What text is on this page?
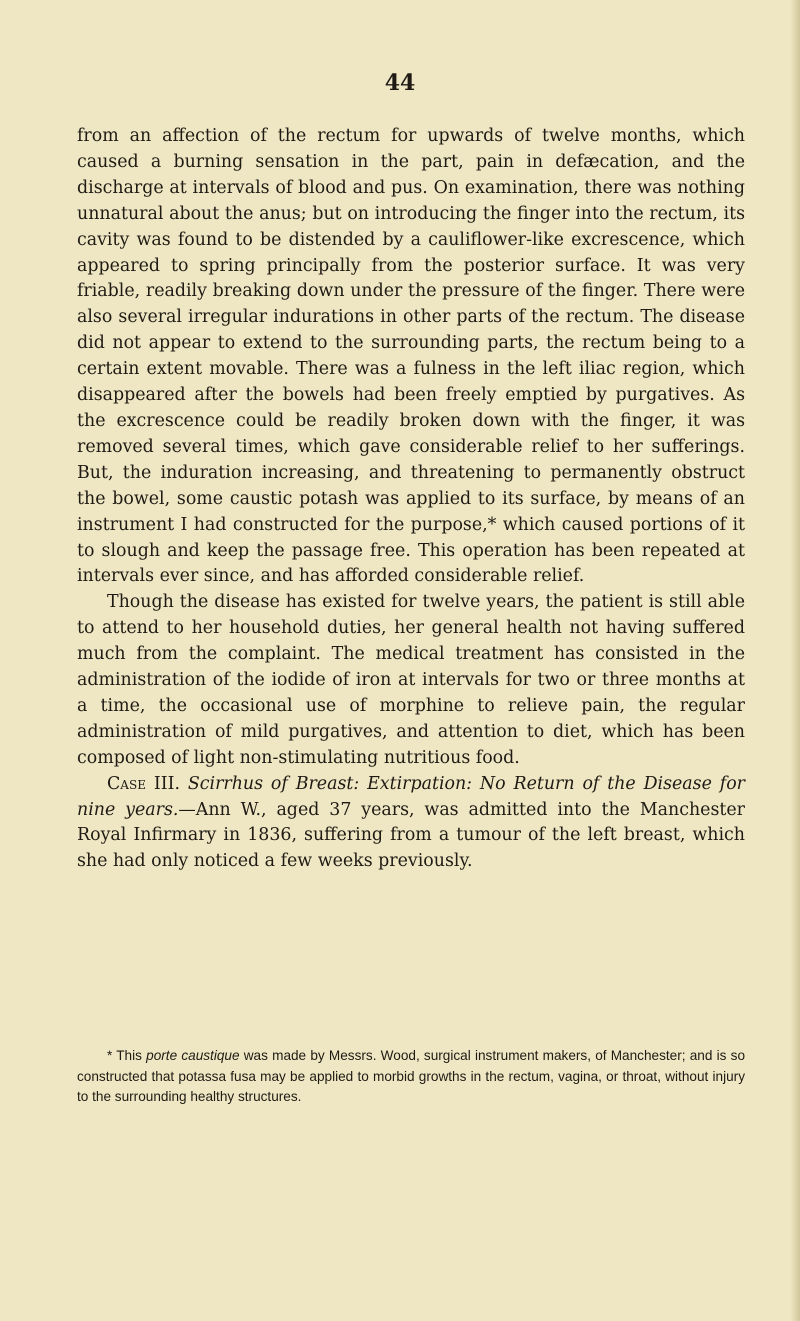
44

from an affection of the rectum for upwards of twelve months, which caused a burning sensation in the part, pain in defæcation, and the discharge at intervals of blood and pus. On examination, there was nothing unnatural about the anus; but on introducing the finger into the rectum, its cavity was found to be distended by a cauliflower-like excrescence, which appeared to spring principally from the posterior surface. It was very friable, readily breaking down under the pressure of the finger. There were also several irregular indurations in other parts of the rectum. The disease did not appear to extend to the surrounding parts, the rectum being to a certain extent movable. There was a fulness in the left iliac region, which disappeared after the bowels had been freely emptied by purgatives. As the excrescence could be readily broken down with the finger, it was removed several times, which gave considerable relief to her sufferings. But, the induration increasing, and threatening to permanently obstruct the bowel, some caustic potash was applied to its surface, by means of an instrument I had constructed for the purpose,* which caused portions of it to slough and keep the passage free. This operation has been repeated at intervals ever since, and has afforded considerable relief.

Though the disease has existed for twelve years, the patient is still able to attend to her household duties, her general health not having suffered much from the complaint. The medical treatment has consisted in the administration of the iodide of iron at intervals for two or three months at a time, the occasional use of morphine to relieve pain, the regular administration of mild purgatives, and attention to diet, which has been composed of light non-stimulating nutritious food.

Case III. Scirrhus of Breast: Extirpation: No Return of the Disease for nine years.—Ann W., aged 37 years, was admitted into the Manchester Royal Infirmary in 1836, suffering from a tumour of the left breast, which she had only noticed a few weeks previously.

* This porte caustique was made by Messrs. Wood, surgical instrument makers, of Manchester; and is so constructed that potassa fusa may be applied to morbid growths in the rectum, vagina, or throat, without injury to the surrounding healthy structures.
